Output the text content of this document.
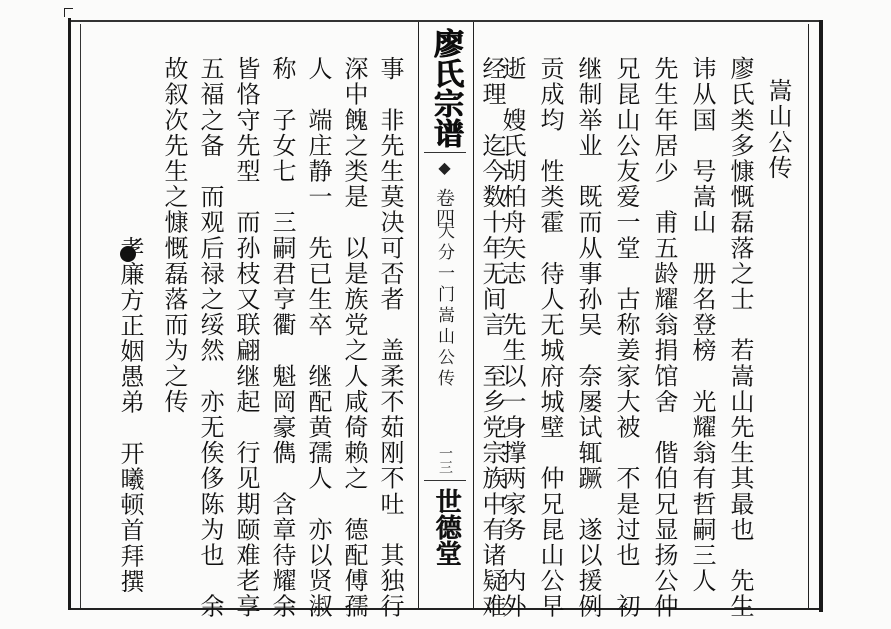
廖氏宗谱
◆
卷四
大分一门嵩山公传
一三
世德堂
嵩山公传
廖氏类多慷慨磊落之士　若嵩山先生其最也　先生
讳从国　号嵩山　册名登榜　光耀翁有哲嗣三人
先生年居少　甫五龄耀翁捐馆舍　偕伯兄显扬公仲
兄昆山公友爱一堂　古称姜家大被　不是过也　初
继制举业　既而从事孙吴　奈屡试辄蹶　遂以援例
贡成均　性类霍　待人无城府城壁　仲兄昆山公早
逝　嫂氏胡柏舟矢志　先生以一身撑两家务　内外
经理　迄今数十年无间言　至乡党宗族中有诸疑难
事　非先生莫决可否者　盖柔不茹刚不吐　其独行
深中餽之类是　以是族党之人咸倚赖之　德配傅孺
人　端庄静一　先已生卒　继配黄孺人　亦以贤淑
称　子女七　三嗣君亨衢　魁岡豪儁　含章待耀余
皆恪守先型　而孙枝又联翩继起　行见期颐难老享
五福之备　而观后禄之绥然　亦无俟侈陈为也　余
故叙次先生之慷慨磊落而为之传
孝廉方正姻愚弟　开曦顿首拜撰
